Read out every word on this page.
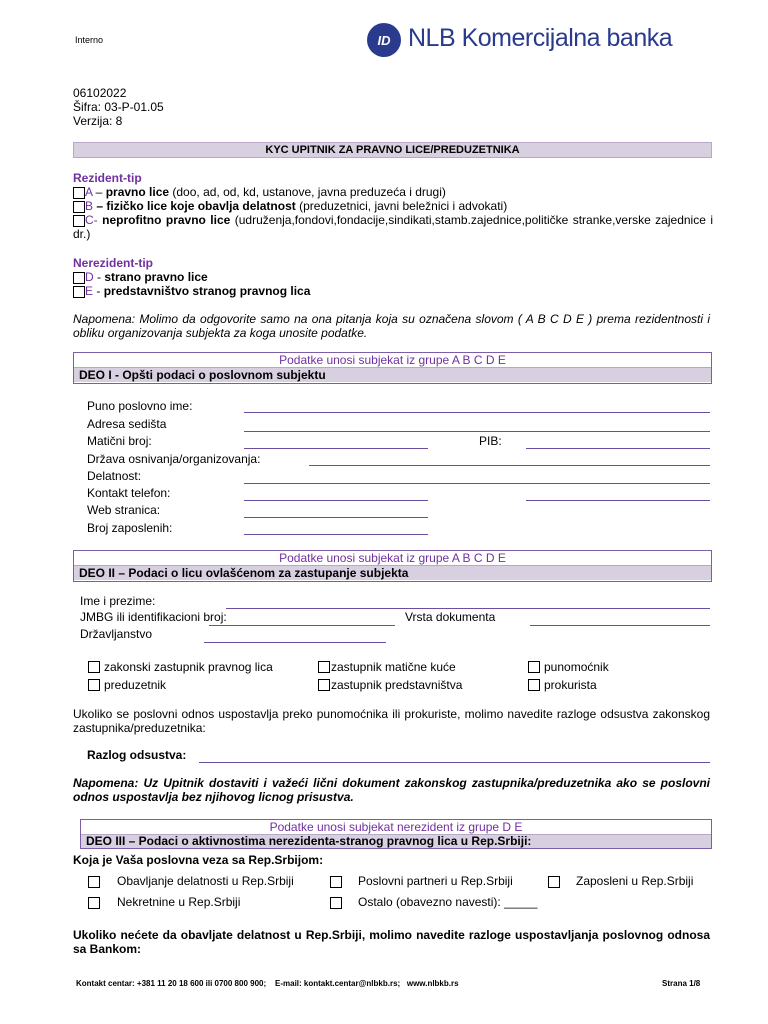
Interno	ID NLB Komercijalna banka
06102022
Šifra: 03-P-01.05
Verzija: 8
KYC UPITNIK ZA PRAVNO LICE/PREDUZETNIKA
Rezident-tip
A – pravno lice (doo, ad, od, kd, ustanove, javna preduzeća i drugi)
B – fizičko lice koje obavlja delatnost (preduzetnici, javni beležnici i advokati)
C- neprofitno pravno lice (udruženja,fondovi,fondacije,sindikati,stamb.zajednice,političke stranke,verske zajednice i dr.)
Nerezident-tip
D - strano pravno lice
E - predstavništvo stranog pravnog lica
Napomena: Molimo da odgovorite samo na ona pitanja koja su označena slovom ( A B C D E ) prema rezidentnosti i obliku organizovanja subjekta za koga unosite podatke.
Podatke unosi subjekat iz grupe A B C D E
DEO I - Opšti podaci o poslovnom subjektu
Puno poslovno ime:
Adresa sedišta
Matični broj:	PIB:
Država osnivanja/organizovanja:
Delatnost:
Kontakt telefon:
Web stranica:
Broj zaposlenih:
Podatke unosi subjekat iz grupe A B C D E
DEO II – Podaci o licu ovlašćenom za zastupanje subjekta
Ime i prezime:
JMBG ili identifikacioni broj:	Vrsta dokumenta
Državljanstvo
zakonski zastupnik pravnog lica	zastupnik matične kuće	punomoćnik
preduzetnik	zastupnik predstavništva	prokurista
Ukoliko se poslovni odnos uspostavlja preko punomoćnika ili prokuriste, molimo navedite razloge odsustva zakonskog zastupnika/preduzetnika:
Razlog odsustva:
Napomena: Uz Upitnik dostaviti i važeći lični dokument zakonskog zastupnika/preduzetnika ako se poslovni odnos uspostavlja bez njihovog licnog prisustva.
Podatke unosi subjekat nerezident iz grupe D E
DEO III – Podaci o aktivnostima nerezidenta-stranog pravnog lica u Rep.Srbiji:
Koja je Vaša poslovna veza sa Rep.Srbijom:
Obavljanje delatnosti u Rep.Srbiji	Poslovni partneri u Rep.Srbiji	Zaposleni u Rep.Srbiji
Nekretnine u Rep.Srbiji	Ostalo (obavezno navesti): _____
Ukoliko nećete da obavljate delatnost u Rep.Srbiji, molimo navedite razloge uspostavljanja poslovnog odnosa sa Bankom:
Kontakt centar: +381 11 20 18 600 ili 0700 800 900;    E-mail: kontakt.centar@nlbkb.rs;   www.nlbkb.rs	Strana 1/8
